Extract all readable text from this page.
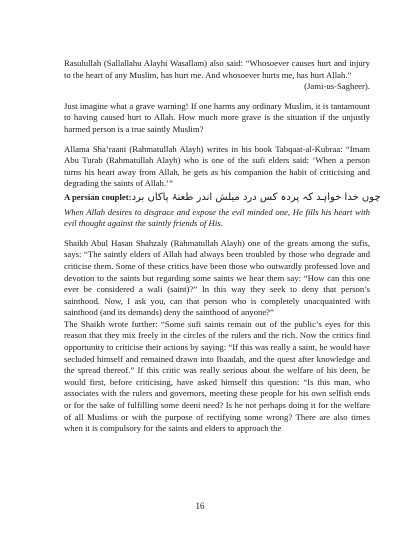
Rasulullah (Sallallahu Alayhi Wasallam) also said: “Whosoever causes hurt and injury to the heart of any Muslim, has hurt me. And whosoever hurts me, has hurt Allah.”

(Jami-us-Sagheer).

Just imagine what a grave warning! If one harms any ordinary Muslim, it is tantamount to having caused hurt to Allah. How much more grave is the situation if the unjustly harmed person is a true saintly Muslim?

Allama Sha’raani (Rahmatullah Alayh) writes in his book Tabqaat-al-Kubraa: “Imam Abu Turab (Rahmatullah Alayh) who is one of the sufi elders said: ‘When a person turns his heart away from Allah, he gets as his companion the habit of criticising and degrading the saints of Allah.’”

A persian couplet: چوں خدا خواہد کہ پردہ کس درد میلش اندر طعنۂ پاکاں برد

When Allah desires to disgrace and expose the evil minded one, He fills his heart with evil thought against the saintly friends of His.

Shaikh Abul Hasan Shahzaly (Rahmatullah Alayh) one of the greats among the sufis, says: “The saintly elders of Allah had always been troubled by those who degrade and criticise them. Some of these critics have been those who outwardly professed love and devotion to the saints but regarding some saints we hear them say: “How can this one ever be considered a wali (saint)?” In this way they seek to deny that person’s sainthood. Now, I ask you, can that person who is completely unacquainted with sainthood (and its demands) deny the sainthood of anyone?”

The Shaikh wrote further: “Some sufi saints remain out of the public’s eyes for this reason that they mix freely in the circles of the rulers and the rich. Now the critics find opportunity to criticise their actions by saying: “If this was really a saint, he would have secluded himself and remained drawn into Ibaadah, and the quest after knowledge and the spread thereof.” If this critic was really serious about the welfare of his deen, he would first, before criticising, have asked himself this question: “Is this man, who associates with the rulers and governors, meeting these people for his own selfish ends or for the sake of fulfilling some deeni need? Is he not perhaps doing it for the welfare of all Muslims or with the purpose of rectifying some wrong? There are also times when it is compulsory for the saints and elders to approach the

16
